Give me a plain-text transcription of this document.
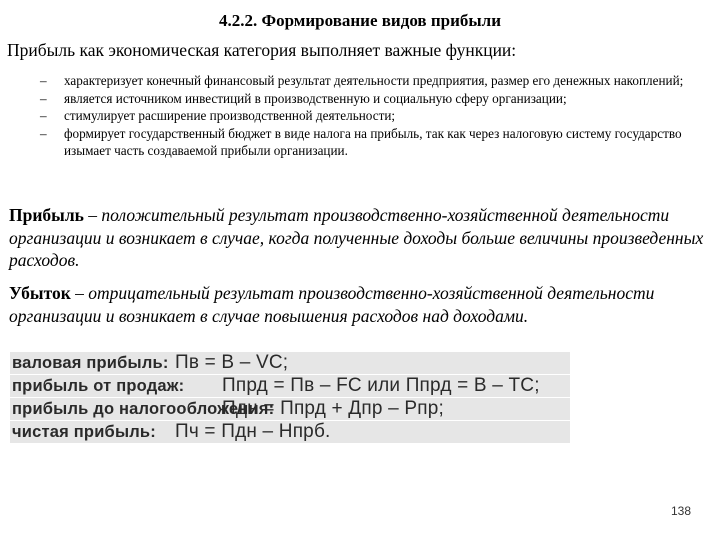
4.2.2. Формирование видов прибыли
Прибыль как экономическая категория выполняет важные функции:
– характеризует конечный финансовый результат деятельности предприятия, размер его денежных накоплений;
– является источником инвестиций в производственную и социальную сферу организации;
– стимулирует расширение производственной деятельности;
– формирует государственный бюджет в виде налога на прибыль, так как через налоговую систему государство изымает часть создаваемой прибыли организации.
Прибыль – положительный результат производственно-хозяйственной деятельности организации и возникает в случае, когда полученные доходы больше величины произведенных расходов.
Убыток – отрицательный результат производственно-хозяйственной деятельности организации и возникает в случае повышения расходов над доходами.
валовая прибыль: Пв = В – VС;
прибыль от продаж: Ппрд = Пв – FС или Ппрд = В – ТС;
прибыль до налогообложения:
Пдн = Ппрд + Дпр – Рпр;
чистая прибыль: Пч = Пдн – Нпрб.
138
